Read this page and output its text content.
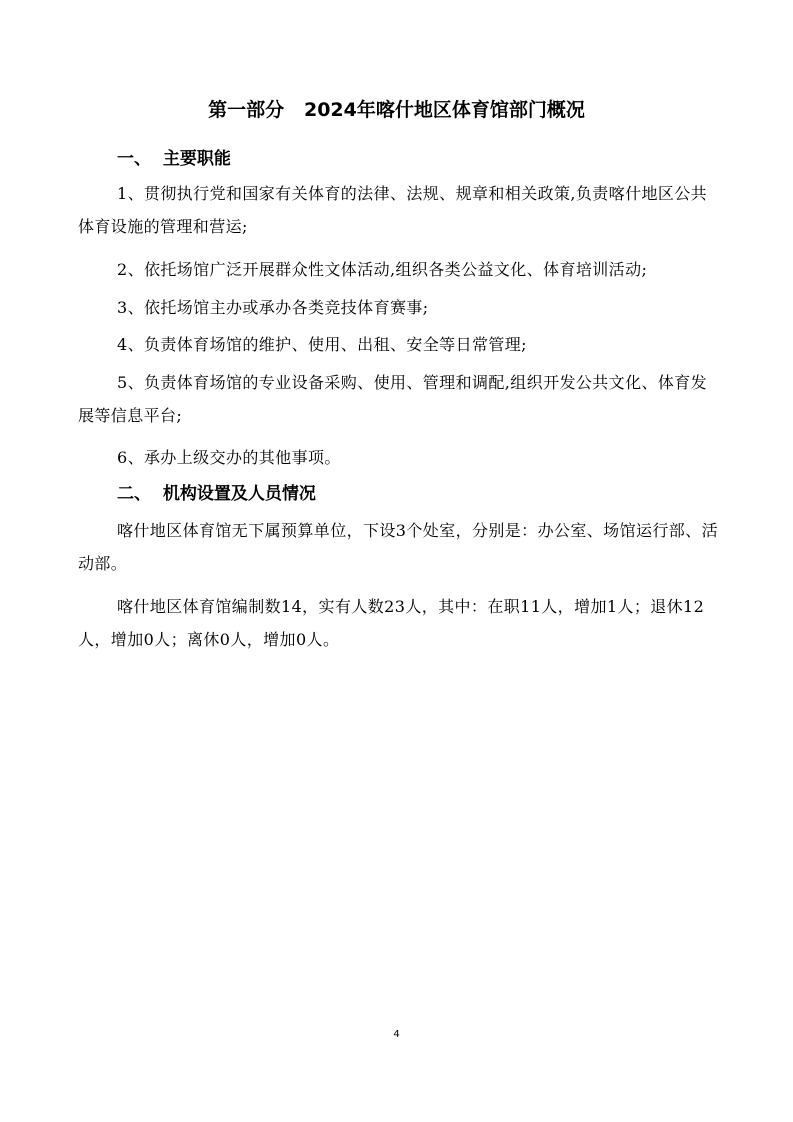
第一部分   2024年喀什地区体育馆部门概况
一、  主要职能
1、贯彻执行党和国家有关体育的法律、法规、规章和相关政策,负责喀什地区公共体育设施的管理和营运;
2、依托场馆广泛开展群众性文体活动,组织各类公益文化、体育培训活动;
3、依托场馆主办或承办各类竞技体育赛事;
4、负责体育场馆的维护、使用、出租、安全等日常管理;
5、负责体育场馆的专业设备采购、使用、管理和调配,组织开发公共文化、体育发展等信息平台;
6、承办上级交办的其他事项。
二、  机构设置及人员情况
喀什地区体育馆无下属预算单位，下设3个处室，分别是：办公室、场馆运行部、活动部。
喀什地区体育馆编制数14，实有人数23人，其中：在职11人，增加1人；退休12人，增加0人；离休0人，增加0人。
4
